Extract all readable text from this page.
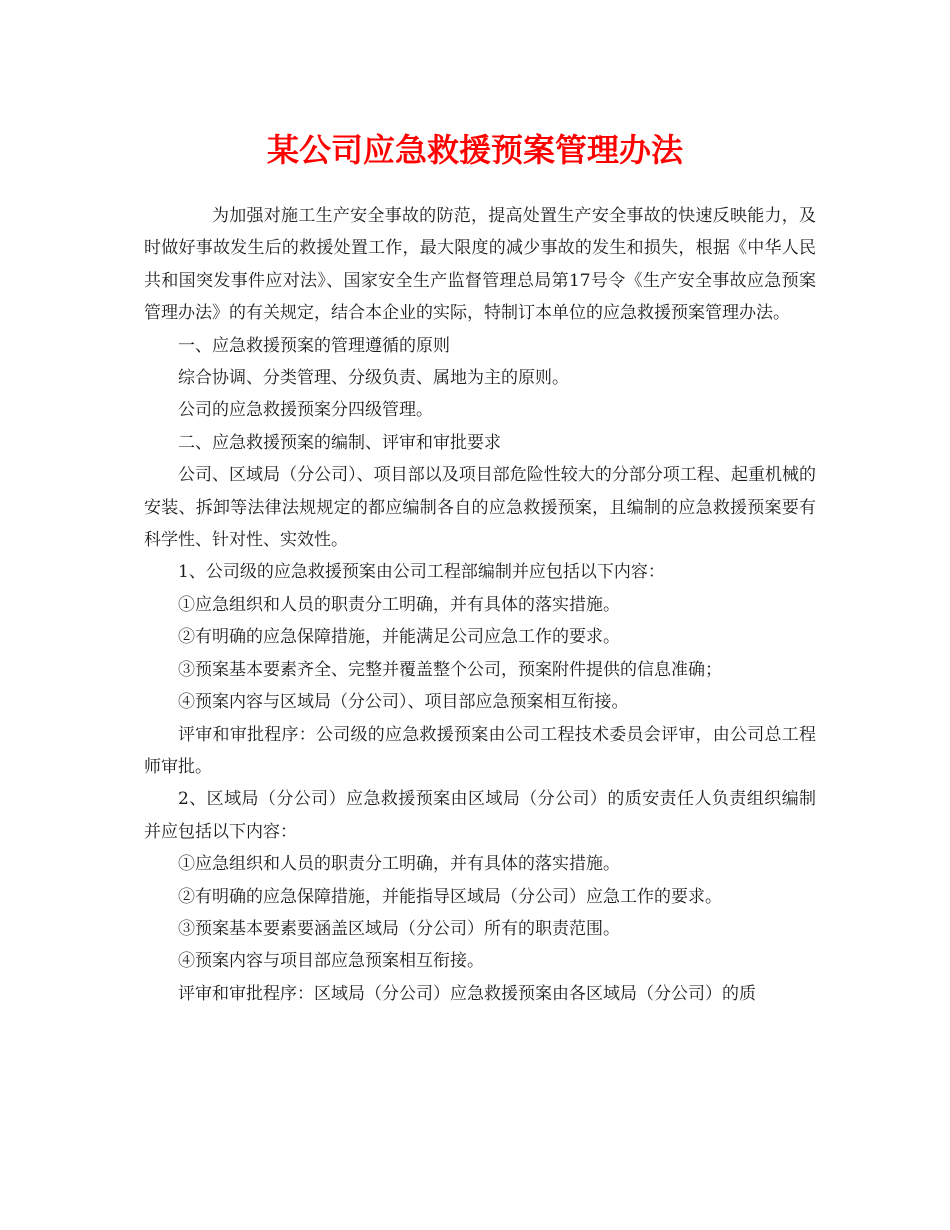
某公司应急救援预案管理办法

为加强对施工生产安全事故的防范，提高处置生产安全事故的快速反映能力，及时做好事故发生后的救援处置工作，最大限度的减少事故的发生和损失，根据《中华人民共和国突发事件应对法》、国家安全生产监督管理总局第17号令《生产安全事故应急预案管理办法》的有关规定，结合本企业的实际，特制订本单位的应急救援预案管理办法。

一、应急救援预案的管理遵循的原则

综合协调、分类管理、分级负责、属地为主的原则。

公司的应急救援预案分四级管理。

二、应急救援预案的编制、评审和审批要求

公司、区域局（分公司）、项目部以及项目部危险性较大的分部分项工程、起重机械的安装、拆卸等法律法规规定的都应编制各自的应急救援预案，且编制的应急救援预案要有科学性、针对性、实效性。

1、公司级的应急救援预案由公司工程部编制并应包括以下内容：

①应急组织和人员的职责分工明确，并有具体的落实措施。

②有明确的应急保障措施，并能满足公司应急工作的要求。

③预案基本要素齐全、完整并覆盖整个公司，预案附件提供的信息准确；

④预案内容与区域局（分公司）、项目部应急预案相互衔接。

评审和审批程序：公司级的应急救援预案由公司工程技术委员会评审，由公司总工程师审批。

2、区域局（分公司）应急救援预案由区域局（分公司）的质安责任人负责组织编制并应包括以下内容：

①应急组织和人员的职责分工明确，并有具体的落实措施。

②有明确的应急保障措施，并能指导区域局（分公司）应急工作的要求。

③预案基本要素要涵盖区域局（分公司）所有的职责范围。

④预案内容与项目部应急预案相互衔接。

评审和审批程序：区域局（分公司）应急救援预案由各区域局（分公司）的质
